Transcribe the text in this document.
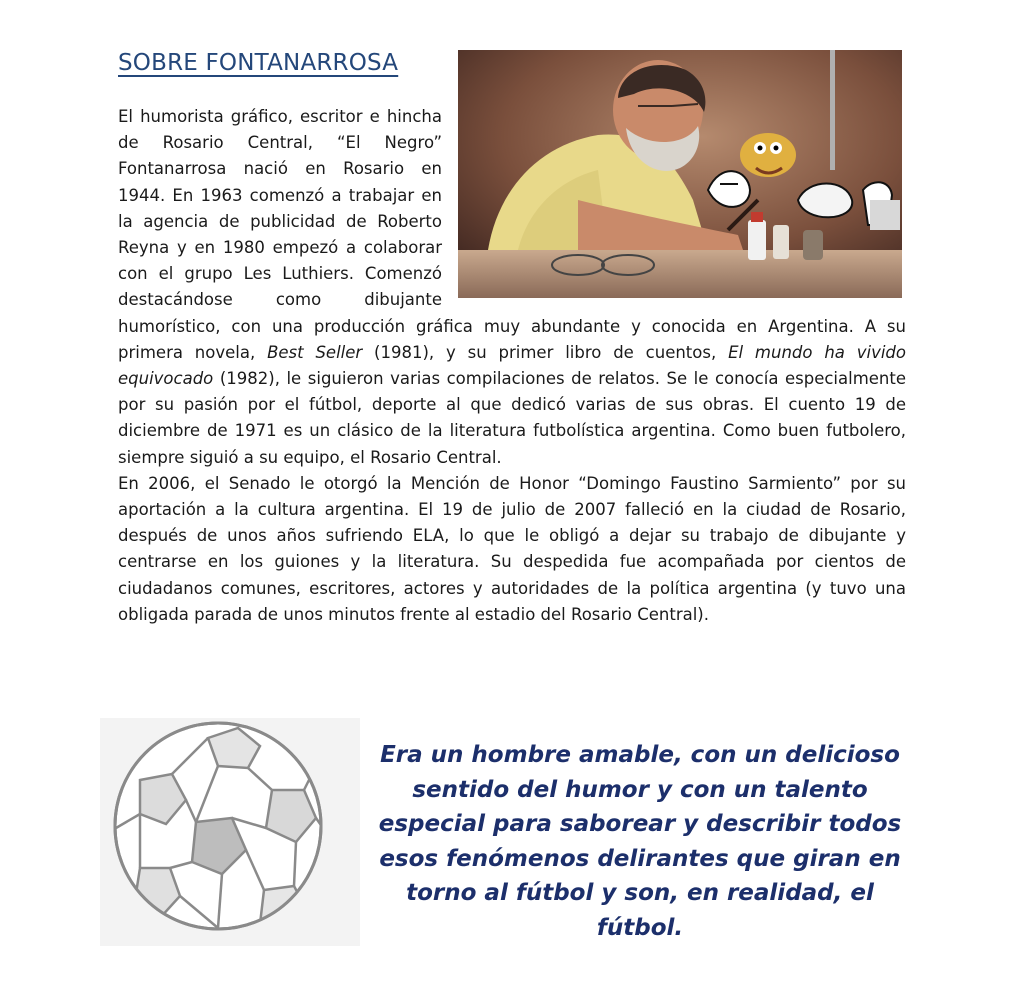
SOBRE FONTANARROSA

El humorista gráfico, escritor e hincha de Rosario Central, “El Negro” Fontanarrosa nació en Rosario en 1944. En 1963 comenzó a trabajar en la agencia de publicidad de Roberto Reyna y en 1980 empezó a colaborar con el grupo Les Luthiers. Comenzó destacándose como dibujante humorístico, con una producción gráfica muy abundante y conocida en Argentina. A su primera novela, Best Seller (1981), y su primer libro de cuentos, El mundo ha vivido equivocado (1982), le siguieron varias compilaciones de relatos. Se le conocía especialmente por su pasión por el fútbol, deporte al que dedicó varias de sus obras. El cuento 19 de diciembre de 1971 es un clásico de la literatura futbolística argentina. Como buen futbolero, siempre siguió a su equipo, el Rosario Central.

En 2006, el Senado le otorgó la Mención de Honor “Domingo Faustino Sarmiento” por su aportación a la cultura argentina. El 19 de julio de 2007 falleció en la ciudad de Rosario, después de unos años sufriendo ELA, lo que le obligó a dejar su trabajo de dibujante y centrarse en los guiones y la literatura. Su despedida fue acompañada por cientos de ciudadanos comunes, escritores, actores y autoridades de la política argentina (y tuvo una obligada parada de unos minutos frente al estadio del Rosario Central).

Era un hombre amable, con un delicioso sentido del humor y con un talento especial para saborear y describir todos esos fenómenos delirantes que giran en torno al fútbol y son, en realidad, el fútbol.
